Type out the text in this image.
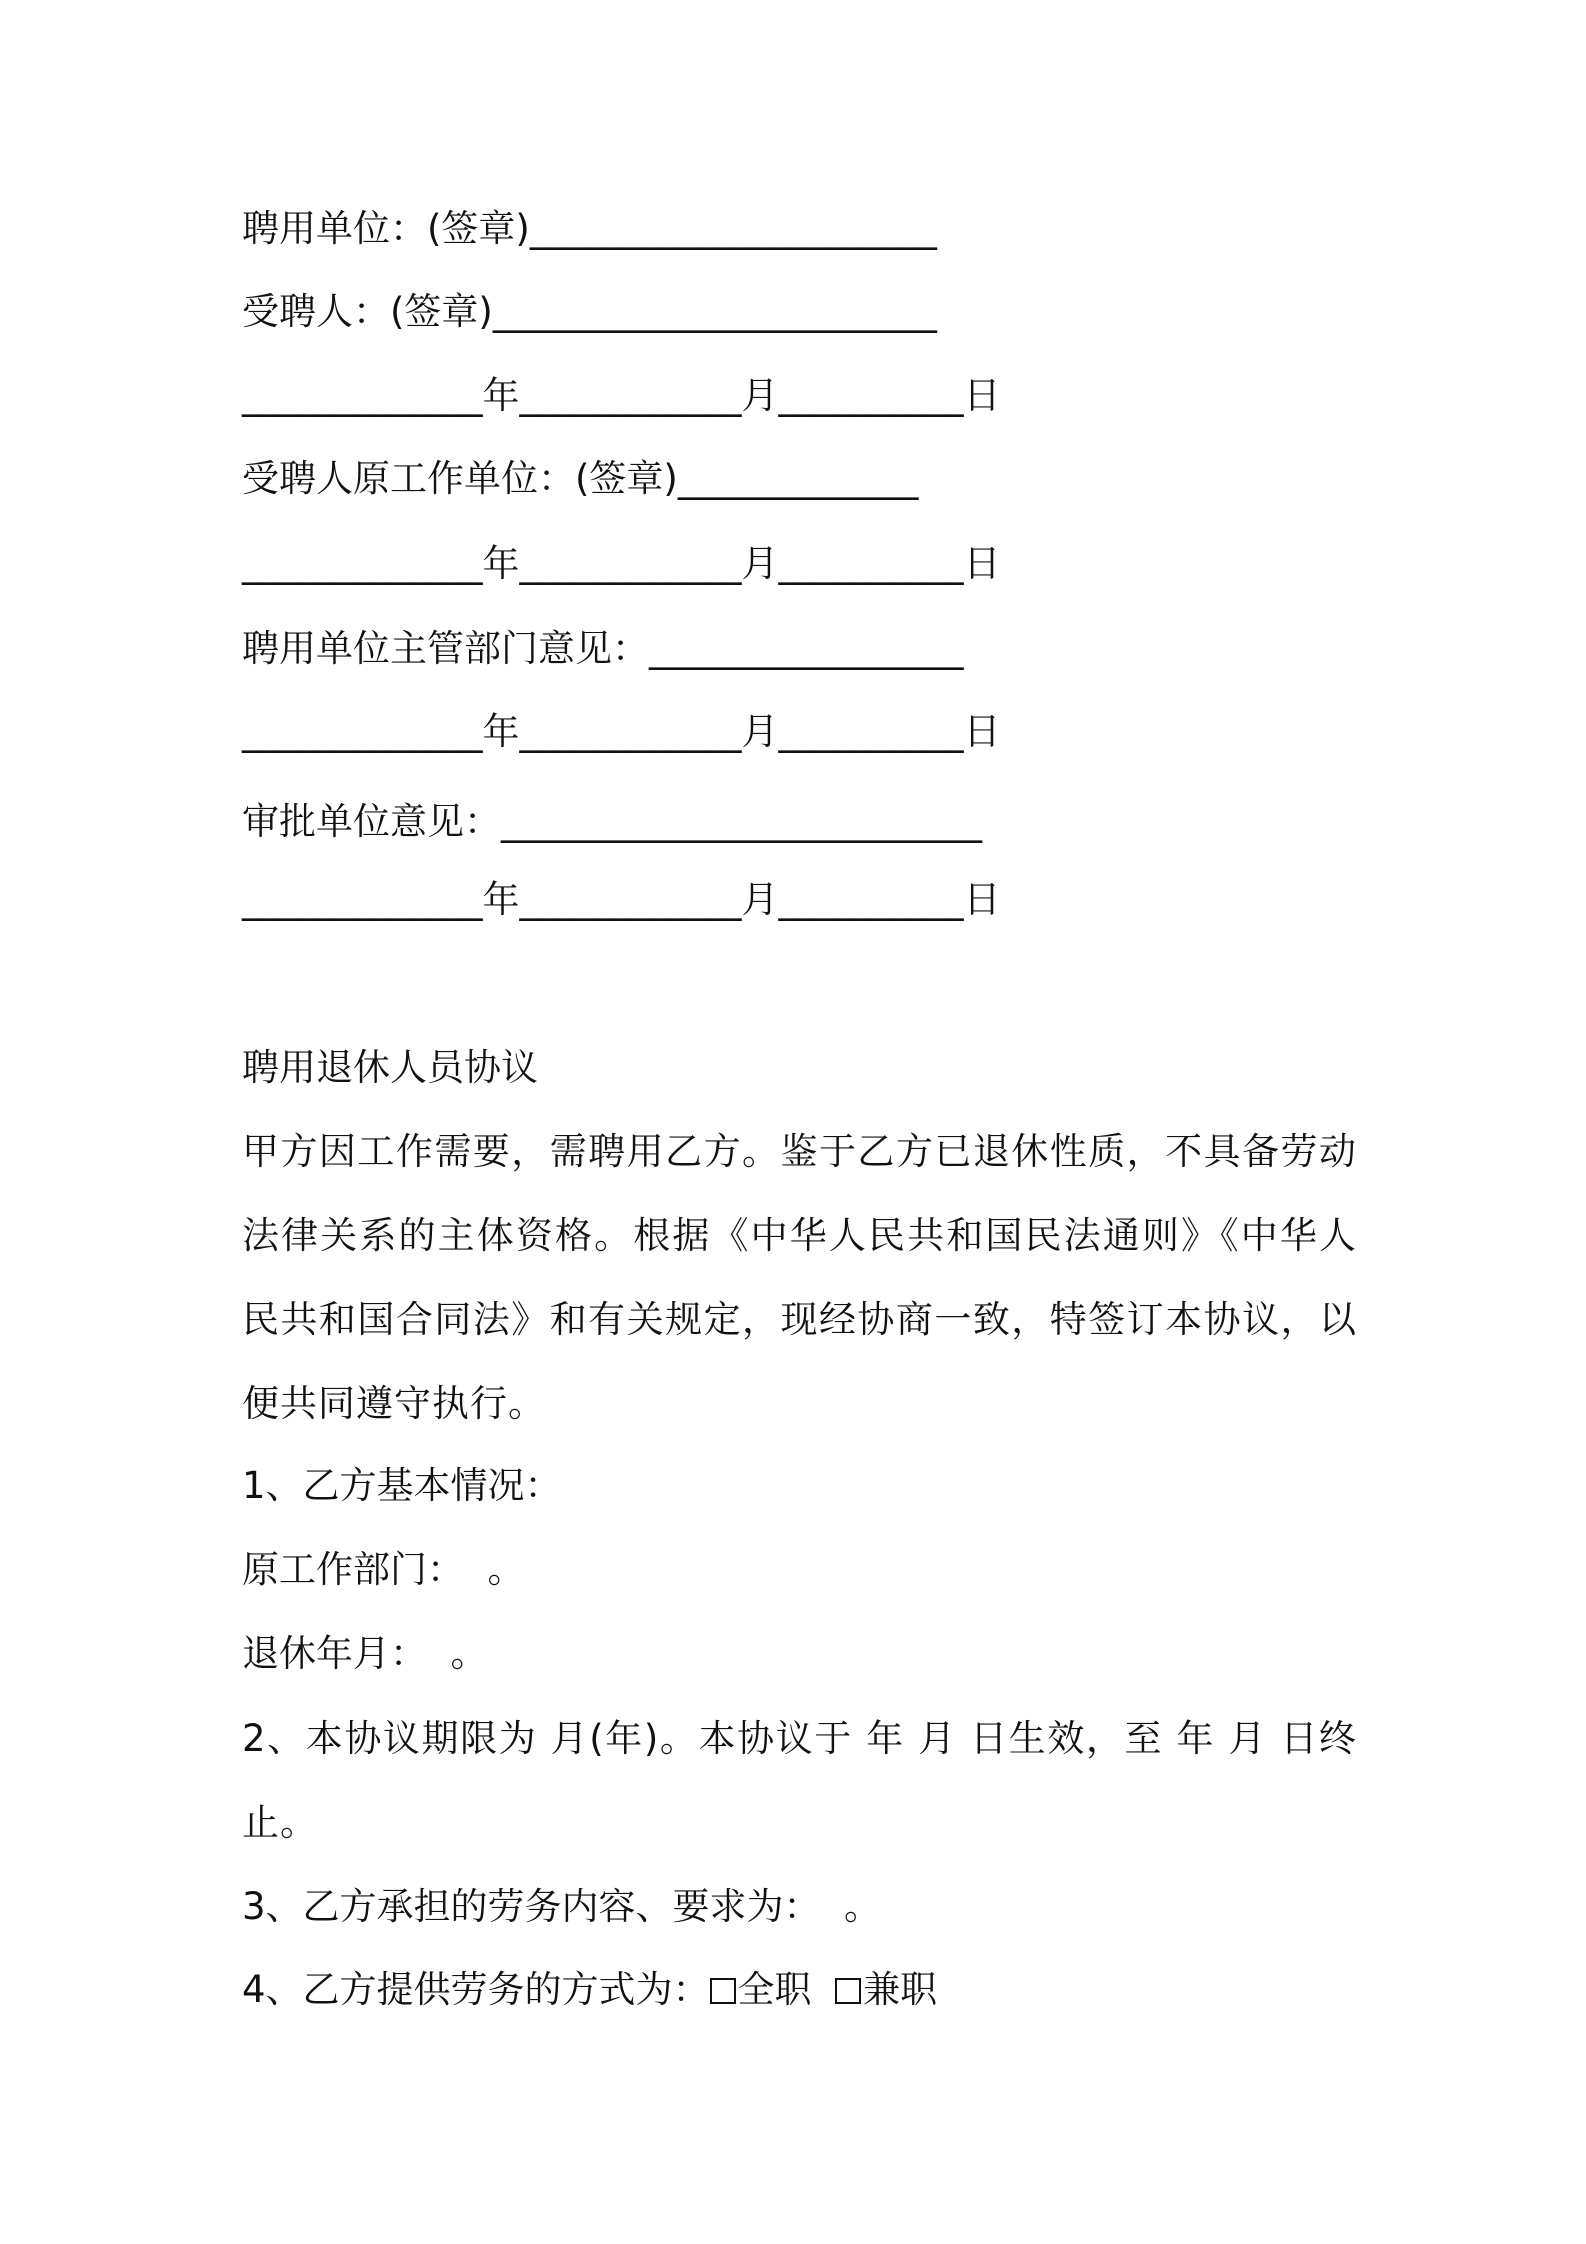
聘用单位：(签章)______________________
受聘人：(签章)________________________
_____________年____________月__________日
受聘人原工作单位：(签章)_____________
_____________年____________月__________日
聘用单位主管部门意见：_________________
_____________年____________月__________日
审批单位意见：__________________________
_____________年____________月__________日
聘用退休人员协议
甲方因工作需要，需聘用乙方。鉴于乙方已退休性质，不具备劳动法律关系的主体资格。根据《中华人民共和国民法通则》《中华人民共和国合同法》和有关规定，现经协商一致，特签订本协议，以便共同遵守执行。
1、乙方基本情况：
原工作部门：  。
退休年月：  。
2、本协议期限为 月(年)。本协议于 年 月 日生效，至 年 月 日终止。
3、乙方承担的劳务内容、要求为：  。
4、乙方提供劳务的方式为： 全职 兼职
